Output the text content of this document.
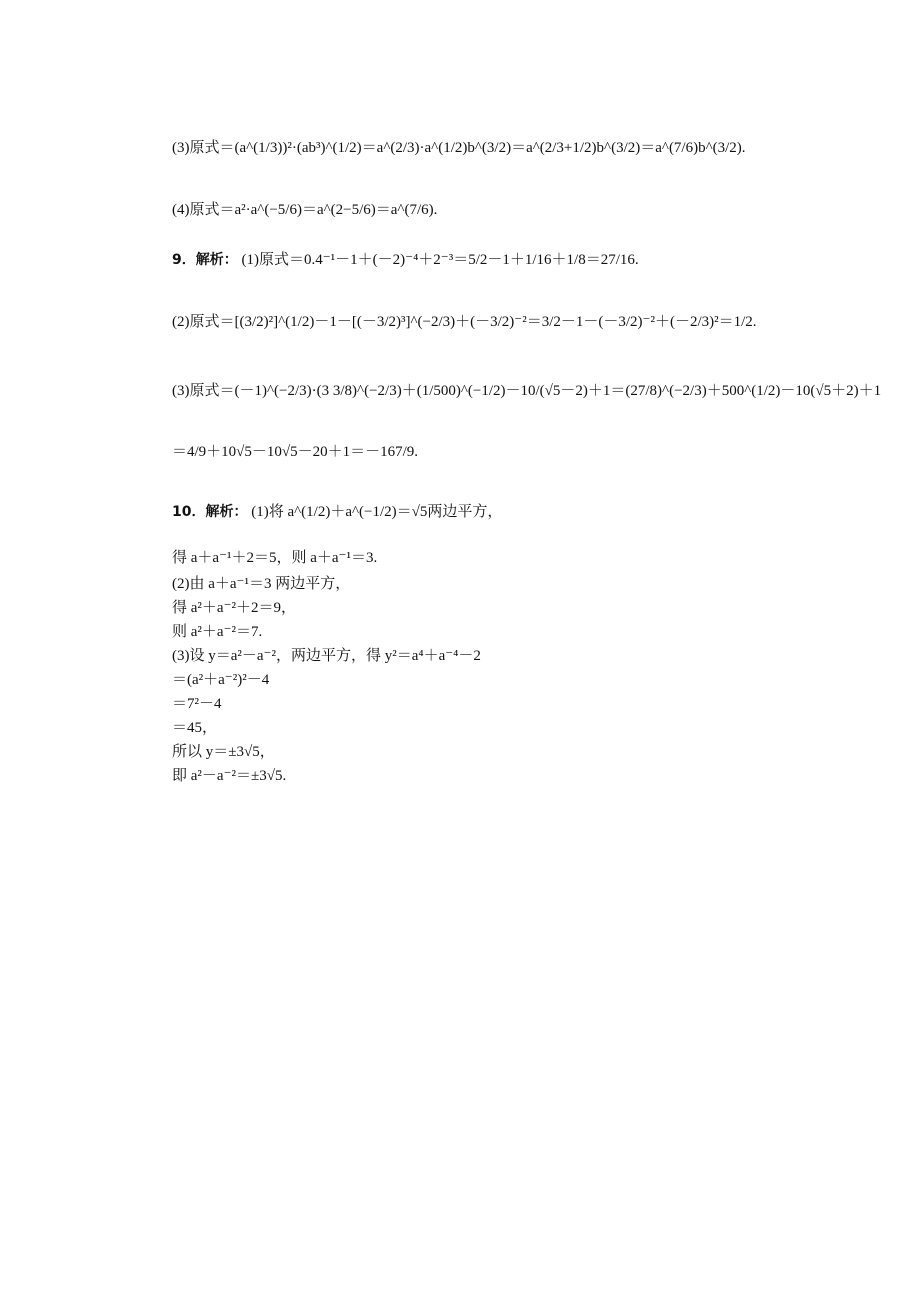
(3)原式＝(a^(1/3))²·(ab³)^(1/2)＝a^(2/3)·a^(1/2)b^(3/2)＝a^(2/3+1/2)b^(3/2)＝a^(7/6)b^(3/2).
(4)原式＝a²·a^(−5/6)＝a^(2−5/6)＝a^(7/6).
9．解析： (1)原式＝0.4⁻¹－1＋(－2)⁻⁴＋2⁻³＝5/2－1＋1/16＋1/8＝27/16.
(2)原式＝[(3/2)²]^(1/2)－1－[(－3/2)³]^(−2/3)＋(－3/2)⁻²＝3/2－1－(－3/2)⁻²＋(－2/3)²＝1/2.
(3)原式＝(－1)^(−2/3)·(3 3/8)^(−2/3)＋(1/500)^(−1/2)－10/(√5－2)＋1＝(27/8)^(−2/3)＋500^(1/2)－10(√5＋2)＋1
＝4/9＋10√5－10√5－20＋1＝－167/9.
10．解析： (1)将 a^(1/2)＋a^(−1/2)＝√5两边平方，
得 a＋a⁻¹＋2＝5，则 a＋a⁻¹＝3.
(2)由 a＋a⁻¹＝3 两边平方，
得 a²＋a⁻²＋2＝9，
则 a²＋a⁻²＝7.
(3)设 y＝a²－a⁻²，两边平方，得 y²＝a⁴＋a⁻⁴－2
＝(a²＋a⁻²)²－4
＝7²－4
＝45，
所以 y＝±3√5，
即 a²－a⁻²＝±3√5.
